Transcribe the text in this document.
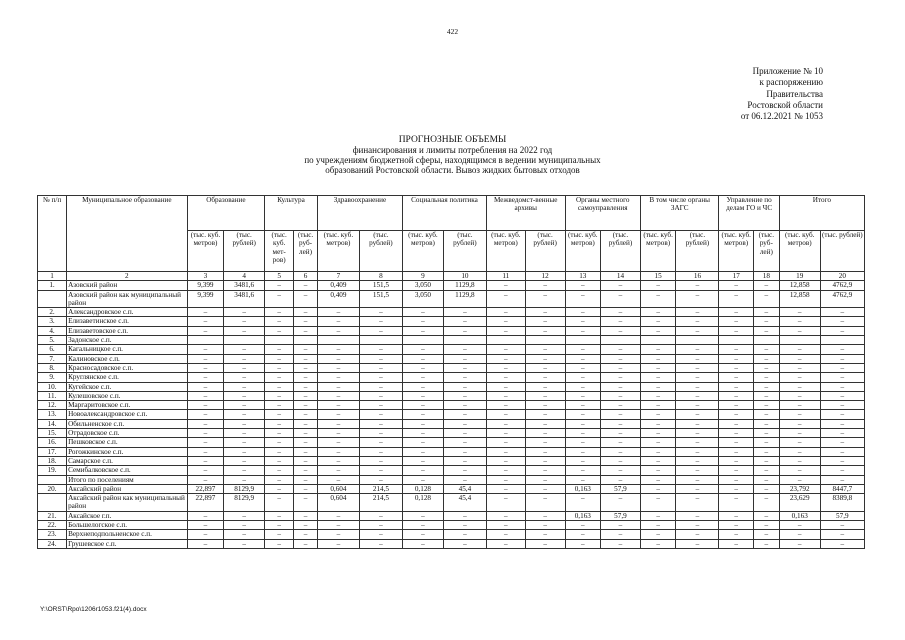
422
Приложение № 10
к распоряжению
Правительства
Ростовской области
от 06.12.2021 № 1053
ПРОГНОЗНЫЕ ОБЪЕМЫ
финансирования и лимиты потребления на 2022 год
по учреждениям бюджетной сферы, находящимся в ведении муниципальных
образований Ростовской области. Вывоз жидких бытовых отходов
№ п/п	Муниципальное образование	Образование		Культура		Здравоохранение		Социальная политика		Межведомст-венные архивы		Органы местного самоуправления		В том числе органы ЗАГС		Управление по делам ГО и ЧС		Итого	
		(тыс. куб. метров)	(тыс. рублей)	(тыс. куб. мет-ров)	(тыс. руб-лей)	(тыс. куб. метров)	(тыс. рублей)	(тыс. куб. метров)	(тыс. рублей)	(тыс. куб. метров)	(тыс. рублей)	(тыс. куб. метров)	(тыс. рублей)	(тыс. куб. метров)	(тыс. рублей)	(тыс. куб. метров)	(тыс. руб-лей)	(тыс. куб. метров)	(тыс. рублей)
1	2	3	4	5	6	7	8	9	10	11	12	13	14	15	16	17	18	19	20
1.	Азовский район	9,399	3481,6	–	–	0,409	151,5	3,050	1129,8	–	–	–	–	–	–	–	–	12,858	4762,9
	Азовский район как муниципальный район	9,399	3481,6	–	–	0,409	151,5	3,050	1129,8	–	–	–	–	–	–	–	–	12,858	4762,9
2.	Александровское с.п.	–	–	–	–	–	–	–	–	–	–	–	–	–	–	–	–	–	–
3.	Елизаветинское с.п.	–	–	–	–	–	–	–	–	–	–	–	–	–	–	–	–	–	–
4.	Елизаветовское с.п.	–	–	–	–	–	–	–	–	–	–	–	–	–	–	–	–	–	–
5.	Задонское с.п.																		
6.	Кагальницкое с.п.	–	–	–	–	–	–	–	–	–	–	–	–	–	–	–	–	–	–
7.	Калиновское с.п.	–	–	–	–	–	–	–	–	–	–	–	–	–	–	–	–	–	–
8.	Красносадовское с.п.	–	–	–	–	–	–	–	–	–	–	–	–	–	–	–	–	–	–
9.	Круглянское с.п.	–	–	–	–	–	–	–	–	–	–	–	–	–	–	–	–	–	–
10.	Кугейское с.п.	–	–	–	–	–	–	–	–	–	–	–	–	–	–	–	–	–	–
11.	Кулешовское с.п.	–	–	–	–	–	–	–	–	–	–	–	–	–	–	–	–	–	–
12.	Маргаритовское с.п.	–	–	–	–	–	–	–	–	–	–	–	–	–	–	–	–	–	–
13.	Новоалександровское с.п.	–	–	–	–	–	–	–	–	–	–	–	–	–	–	–	–	–	–
14.	Обильненское с.п.	–	–	–	–	–	–	–	–	–	–	–	–	–	–	–	–	–	–
15.	Отрадовское с.п.	–	–	–	–	–	–	–	–	–	–	–	–	–	–	–	–	–	–
16.	Пешковское с.п.	–	–	–	–	–	–	–	–	–	–	–	–	–	–	–	–	–	–
17.	Рогожкинское с.п.	–	–	–	–	–	–	–	–	–	–	–	–	–	–	–	–	–	–
18.	Самарское с.п.	–	–	–	–	–	–	–	–	–	–	–	–	–	–	–	–	–	–
19.	Семибалковское с.п.	–	–	–	–	–	–	–	–	–	–	–	–	–	–	–	–	–	–
	Итого по поселениям	–	–	–	–	–	–	–	–	–	–	–	–	–	–	–	–	–	–
20.	Аксайский район	22,897	8129,9	–	–	0,604	214,5	0,128	45,4	–	–	0,163	57,9	–	–	–	–	23,792	8447,7
	Аксайский район как муниципальный район	22,897	8129,9	–	–	0,604	214,5	0,128	45,4	–	–	–	–	–	–	–	–	23,629	8389,8
21.	Аксайское г.п.	–	–	–	–	–	–	–	–	–	–	0,163	57,9	–	–	–	–	0,163	57,9
22.	Большелогское с.п.	–	–	–	–	–	–	–	–	–	–	–	–	–	–	–	–	–	–
23.	Верхнеподпольненское с.п.	–	–	–	–	–	–	–	–	–	–	–	–	–	–	–	–	–	–
24.	Грушевское с.п.	–	–	–	–	–	–	–	–	–	–	–	–	–	–	–	–	–	–
Y:\ORST\Rpo\1206r1053.f21(4).docx
